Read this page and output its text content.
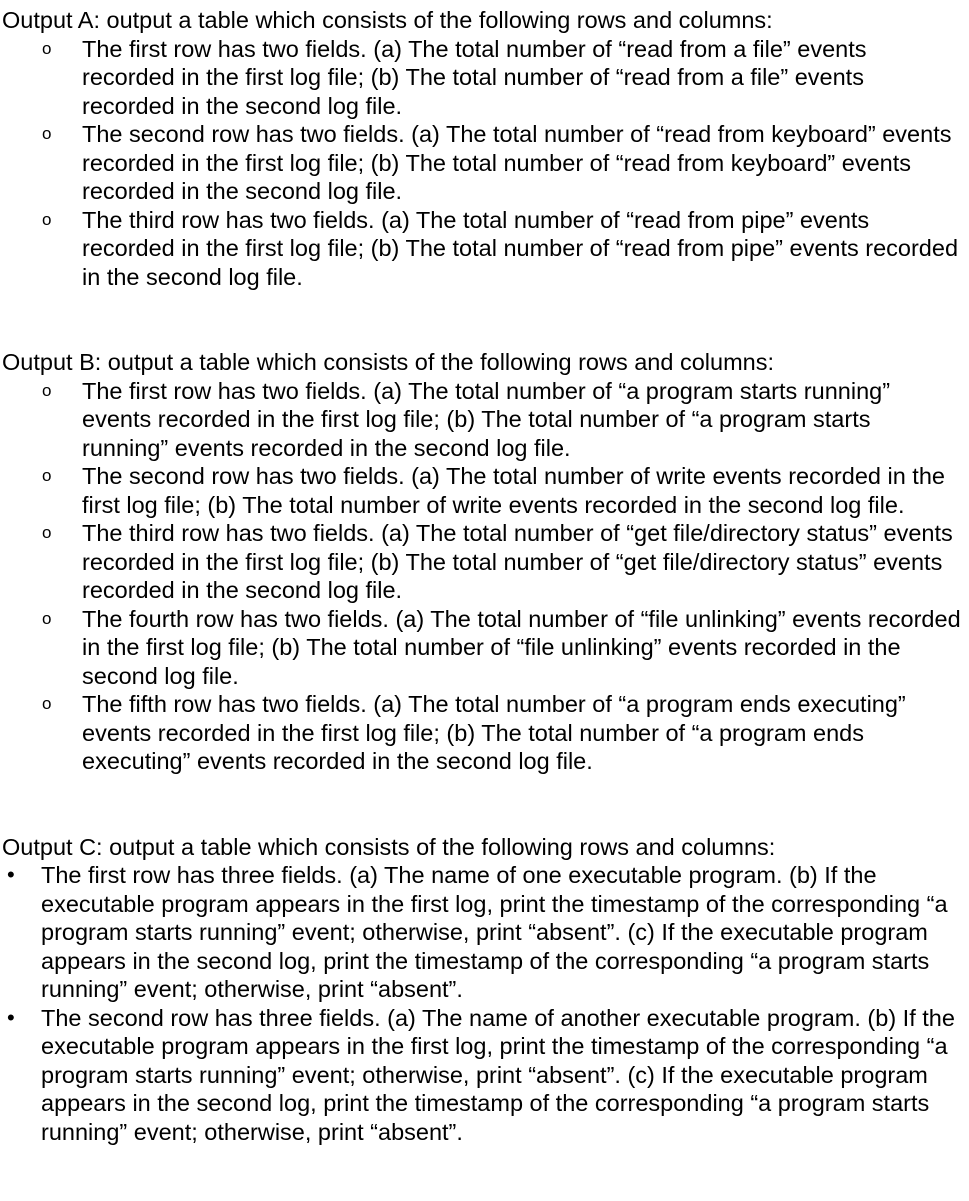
Output A: output a table which consists of the following rows and columns:

o The first row has two fields. (a) The total number of “read from a file” events recorded in the first log file; (b) The total number of “read from a file” events recorded in the second log file.
o The second row has two fields. (a) The total number of “read from keyboard” events recorded in the first log file; (b) The total number of “read from keyboard” events recorded in the second log file.
o The third row has two fields. (a) The total number of “read from pipe” events recorded in the first log file; (b) The total number of “read from pipe” events recorded in the second log file.

Output B: output a table which consists of the following rows and columns:

o The first row has two fields. (a) The total number of “a program starts running” events recorded in the first log file; (b) The total number of “a program starts running” events recorded in the second log file.
o The second row has two fields. (a) The total number of write events recorded in the first log file; (b) The total number of write events recorded in the second log file.
o The third row has two fields. (a) The total number of “get file/directory status” events recorded in the first log file; (b) The total number of “get file/directory status” events recorded in the second log file.
o The fourth row has two fields. (a) The total number of “file unlinking” events recorded in the first log file; (b) The total number of “file unlinking” events recorded in the second log file.
o The fifth row has two fields. (a) The total number of “a program ends executing” events recorded in the first log file; (b) The total number of “a program ends executing” events recorded in the second log file.

Output C: output a table which consists of the following rows and columns:

• The first row has three fields. (a) The name of one executable program. (b) If the executable program appears in the first log, print the timestamp of the corresponding “a program starts running” event; otherwise, print “absent”. (c) If the executable program appears in the second log, print the timestamp of the corresponding “a program starts running” event; otherwise, print “absent”.
• The second row has three fields. (a) The name of another executable program. (b) If the executable program appears in the first log, print the timestamp of the corresponding “a program starts running” event; otherwise, print “absent”. (c) If the executable program appears in the second log, print the timestamp of the corresponding “a program starts running” event; otherwise, print “absent”.
